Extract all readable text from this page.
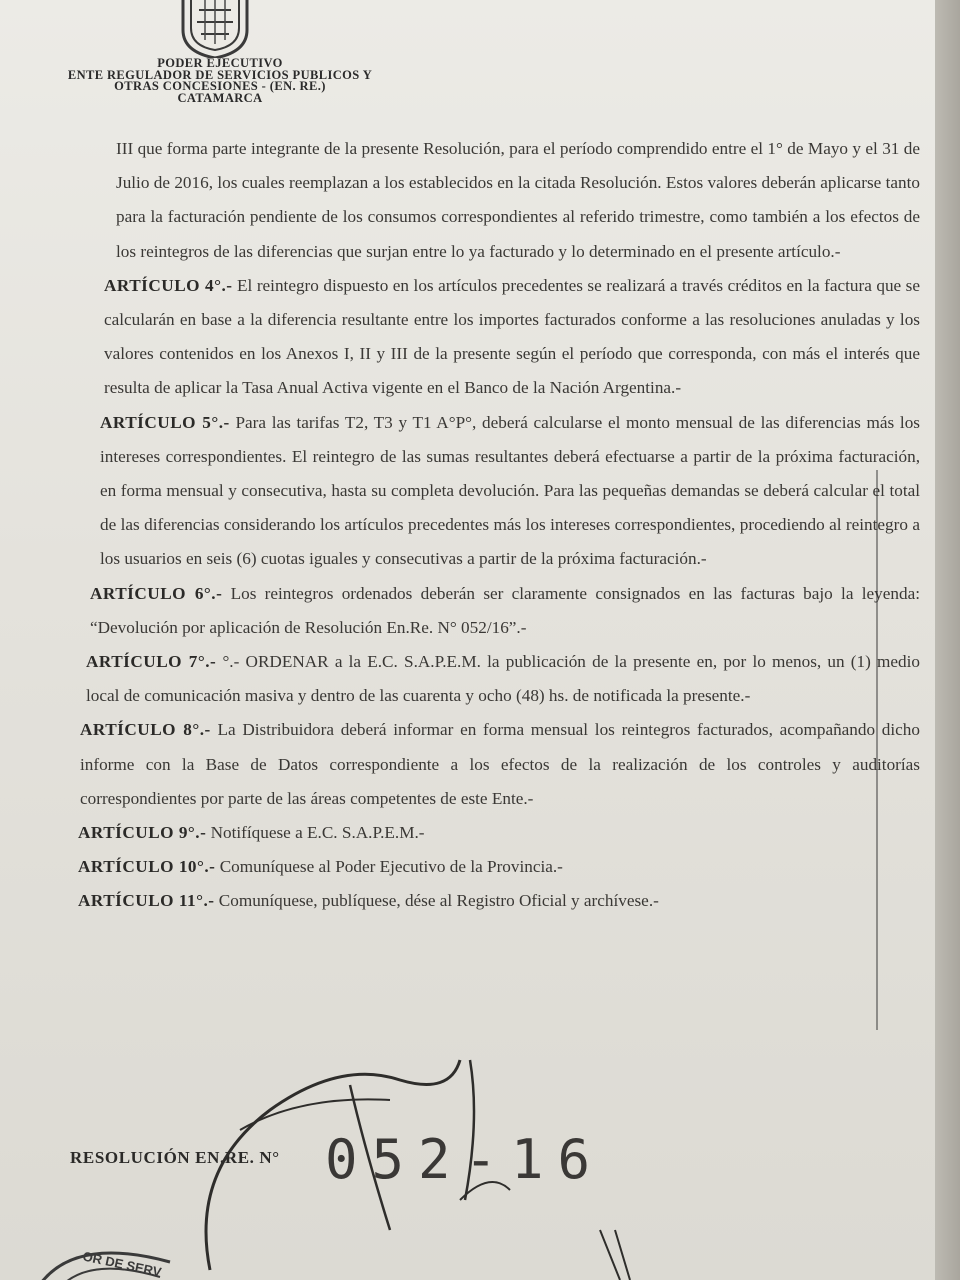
PODER EJECUTIVO
ENTE REGULADOR DE SERVICIOS PUBLICOS Y
OTRAS CONCESIONES - (EN. RE.)
CATAMARCA

III que forma parte integrante de la presente Resolución, para el período comprendido entre el 1° de Mayo y el 31 de Julio de 2016, los cuales reemplazan a los establecidos en la citada Resolución. Estos valores deberán aplicarse tanto para la facturación pendiente de los consumos correspondientes al referido trimestre, como también a los efectos de los reintegros de las diferencias que surjan entre lo ya facturado y lo determinado en el presente artículo.-

ARTÍCULO 4°.- El reintegro dispuesto en los artículos precedentes se realizará a través créditos en la factura que se calcularán en base a la diferencia resultante entre los importes facturados conforme a las resoluciones anuladas y los valores contenidos en los Anexos I, II y III de la presente según el período que corresponda, con más el interés que resulta de aplicar la Tasa Anual Activa vigente en el Banco de la Nación Argentina.-

ARTÍCULO 5°.- Para las tarifas T2, T3 y T1 A°P°, deberá calcularse el monto mensual de las diferencias más los intereses correspondientes. El reintegro de las sumas resultantes deberá efectuarse a partir de la próxima facturación, en forma mensual y consecutiva, hasta su completa devolución. Para las pequeñas demandas se deberá calcular el total de las diferencias considerando los artículos precedentes más los intereses correspondientes, procediendo al reintegro a los usuarios en seis (6) cuotas iguales y consecutivas a partir de la próxima facturación.-

ARTÍCULO 6°.- Los reintegros ordenados deberán ser claramente consignados en las facturas bajo la leyenda: “Devolución por aplicación de Resolución En.Re. N° 052/16”.-

ARTÍCULO 7°.- °.- ORDENAR a la E.C. S.A.P.E.M. la publicación de la presente en, por lo menos, un (1) medio local de comunicación masiva y dentro de las cuarenta y ocho (48) hs. de notificada la presente.-

ARTÍCULO 8°.- La Distribuidora deberá informar en forma mensual los reintegros facturados, acompañando dicho informe con la Base de Datos correspondiente a los efectos de la realización de los controles y auditorías correspondientes por parte de las áreas competentes de este Ente.-

ARTÍCULO 9°.- Notifíquese a E.C. S.A.P.E.M.-

ARTÍCULO 10°.- Comuníquese al Poder Ejecutivo de la Provincia.-

ARTÍCULO 11°.- Comuníquese, publíquese, dése al Registro Oficial y archívese.-

RESOLUCIÓN EN.RE. N° 052-16
OR DE SERV
